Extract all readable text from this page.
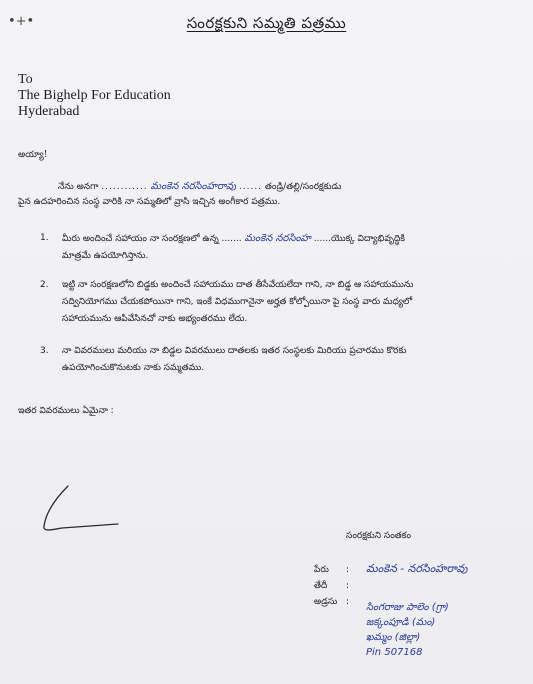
•+•	సంరక్షకుని సమ్మతి పత్రము
To
The Bighelp For Education
Hyderabad
అయ్యా!
నేను అనగా ............ మంకెన నరసింహరావు ...... తండ్రి/తల్లి/సంరక్షకుడు
పైన ఉదహరించిన సంస్థ వారికి నా సమ్మతిలో వ్రాసి ఇచ్చిన అంగీకార పత్రము.
1. మీరు అందించే సహాయం నా సంరక్షణలో ఉన్న ....... మంకెన నరసింహ ......యొక్క విద్యాభివృద్ధికి
మాత్రమే ఉపయోగిస్తాను.
2. ఇట్టి నా సంరక్షణలోని బిడ్డకు అందించే సహాయము దాత తీసేవేయలేదా గాని, నా బిడ్డ ఆ సహాయమును
సద్వినియోగము చేయకపోయినా గాని, ఇంకే విధముగానైనా అర్హత కోల్పోయినా పై సంస్థ వారు మధ్యలో
సహాయమును ఆపివేసినచో నాకు అభ్యంతరము లేదు.
3. నా వివరములు మరియు నా బిడ్డల వివరములు దాతలకు ఇతర సంస్థలకు మిరియు ప్రచారము కొరకు
ఉపయోగించుకొనుటకు నాకు సమ్మతము.
ఇతర వివరములు ఏమైనా :
సంరక్షకుని సంతకం
పేరు : మంకెన - నరసింహరావు
తేదీ :
అడ్రసు : సింగరాజు పాలెం (గ్రా)
జక్కంపూడి (మం)
ఖమ్మం (జిల్లా)
Pin 507168
